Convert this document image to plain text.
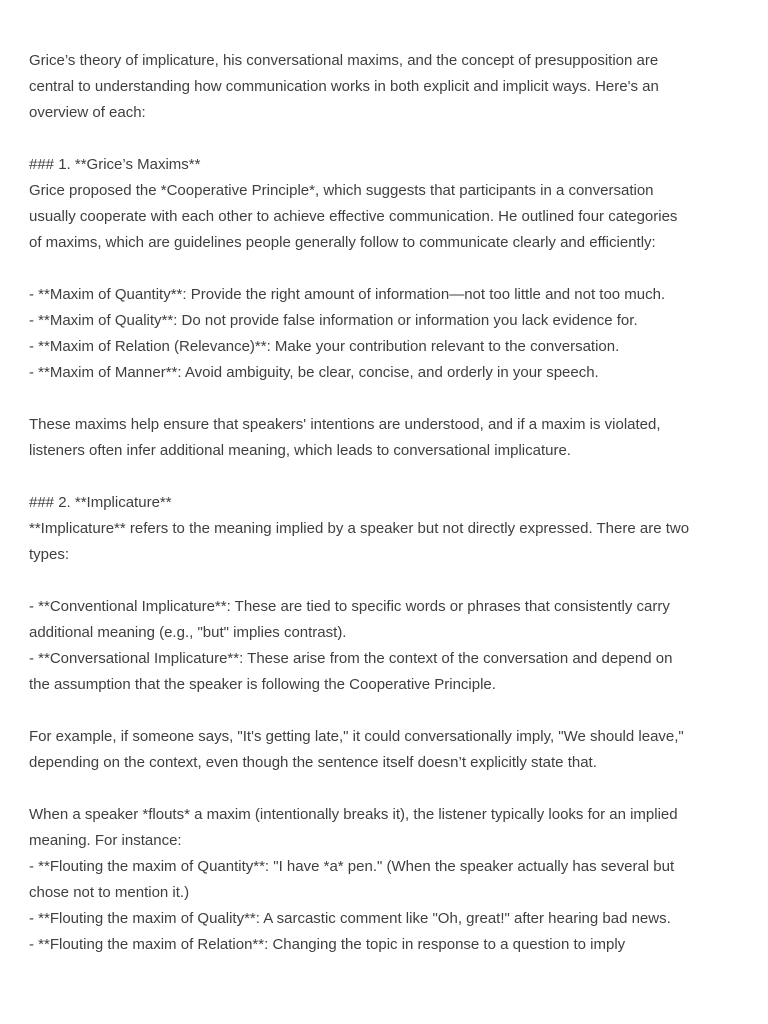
Grice’s theory of implicature, his conversational maxims, and the concept of presupposition are
central to understanding how communication works in both explicit and implicit ways. Here's an
overview of each:
### 1. **Grice’s Maxims**
Grice proposed the *Cooperative Principle*, which suggests that participants in a conversation
usually cooperate with each other to achieve effective communication. He outlined four categories
of maxims, which are guidelines people generally follow to communicate clearly and efficiently:
- **Maxim of Quantity**: Provide the right amount of information—not too little and not too much.
- **Maxim of Quality**: Do not provide false information or information you lack evidence for.
- **Maxim of Relation (Relevance)**: Make your contribution relevant to the conversation.
- **Maxim of Manner**: Avoid ambiguity, be clear, concise, and orderly in your speech.
These maxims help ensure that speakers' intentions are understood, and if a maxim is violated,
listeners often infer additional meaning, which leads to conversational implicature.
### 2. **Implicature**
**Implicature** refers to the meaning implied by a speaker but not directly expressed. There are two
types:
- **Conventional Implicature**: These are tied to specific words or phrases that consistently carry
additional meaning (e.g., "but" implies contrast).
- **Conversational Implicature**: These arise from the context of the conversation and depend on
the assumption that the speaker is following the Cooperative Principle.
For example, if someone says, "It's getting late," it could conversationally imply, "We should leave,"
depending on the context, even though the sentence itself doesn’t explicitly state that.
When a speaker *flouts* a maxim (intentionally breaks it), the listener typically looks for an implied
meaning. For instance:
- **Flouting the maxim of Quantity**: "I have *a* pen." (When the speaker actually has several but
chose not to mention it.)
- **Flouting the maxim of Quality**: A sarcastic comment like "Oh, great!" after hearing bad news.
- **Flouting the maxim of Relation**: Changing the topic in response to a question to imply
